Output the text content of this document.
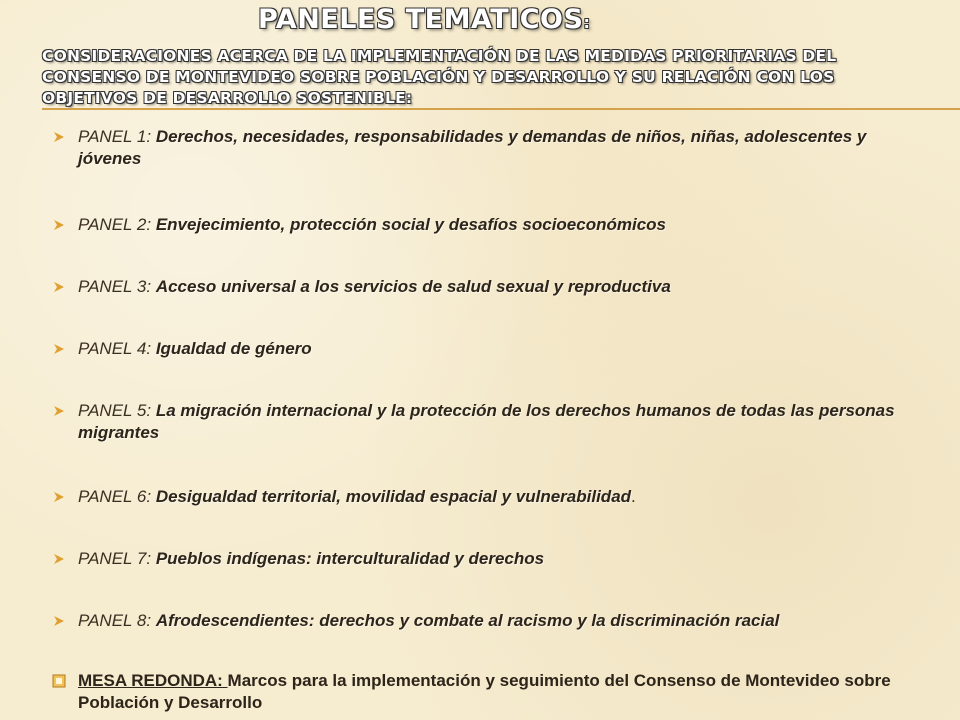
PANELES TEMATICOS:
CONSIDERACIONES ACERCA DE LA IMPLEMENTACIÓN DE LAS MEDIDAS PRIORITARIAS DEL CONSENSO DE MONTEVIDEO SOBRE POBLACIÓN Y DESARROLLO Y SU RELACIÓN CON LOS OBJETIVOS DE DESARROLLO SOSTENIBLE:
PANEL 1: Derechos, necesidades, responsabilidades y demandas de niños, niñas, adolescentes y jóvenes
PANEL 2: Envejecimiento, protección social y desafíos socioeconómicos
PANEL 3: Acceso universal a los servicios de salud sexual y reproductiva
PANEL 4: Igualdad de género
PANEL 5: La migración internacional y la protección de los derechos humanos de todas las personas migrantes
PANEL 6: Desigualdad territorial, movilidad espacial y vulnerabilidad.
PANEL 7: Pueblos indígenas: interculturalidad y derechos
PANEL 8: Afrodescendientes: derechos y combate al racismo y la discriminación racial
MESA REDONDA: Marcos para la implementación y seguimiento del Consenso de Montevideo sobre Población y Desarrollo
